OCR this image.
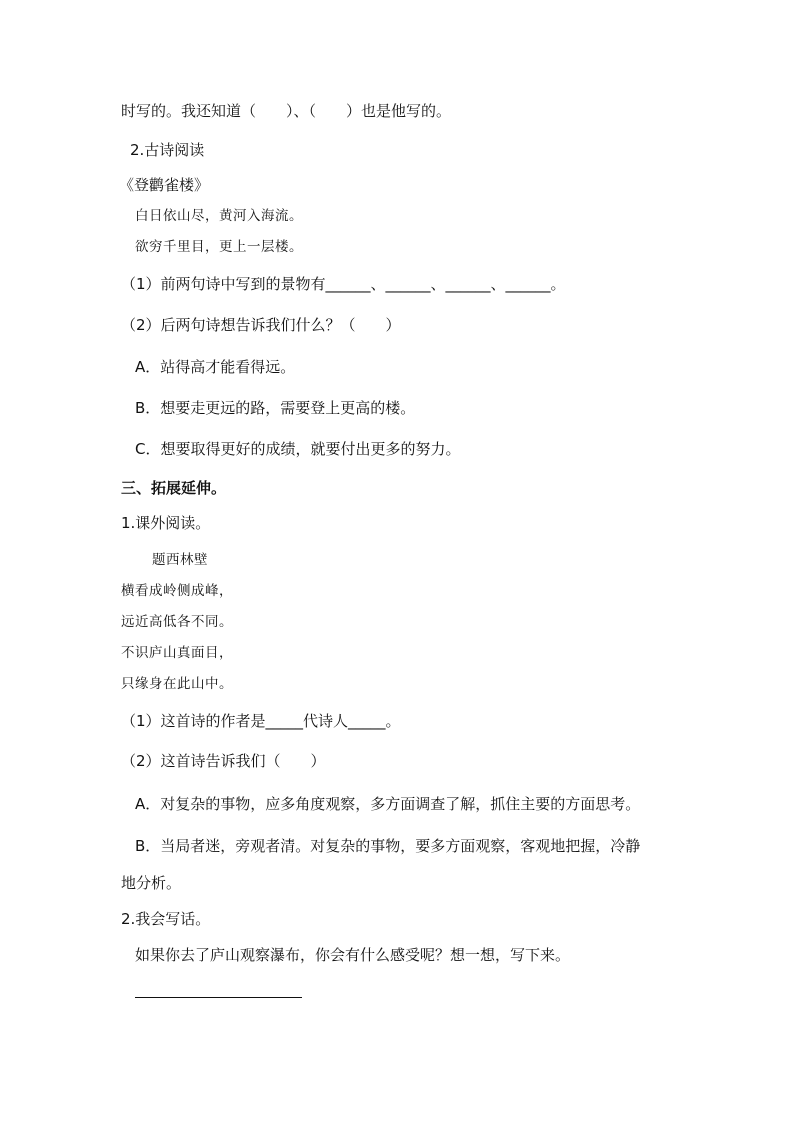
时写的。我还知道（　　）、（　　）也是他写的。
2.古诗阅读
《登鹳雀楼》
白日依山尽，黄河入海流。
欲穷千里目，更上一层楼。
（1）前两句诗中写到的景物有______、______、______、______。
（2）后两句诗想告诉我们什么？（　　）
A．站得高才能看得远。
B．想要走更远的路，需要登上更高的楼。
C．想要取得更好的成绩，就要付出更多的努力。
三、拓展延伸。
1.课外阅读。
题西林壁
横看成岭侧成峰，
远近高低各不同。
不识庐山真面目，
只缘身在此山中。
（1）这首诗的作者是_____代诗人_____。
（2）这首诗告诉我们（　　）
A．对复杂的事物，应多角度观察，多方面调查了解，抓住主要的方面思考。
B．当局者迷，旁观者清。对复杂的事物，要多方面观察，客观地把握，冷静
地分析。
2.我会写话。
如果你去了庐山观察瀑布，你会有什么感受呢？想一想，写下来。
